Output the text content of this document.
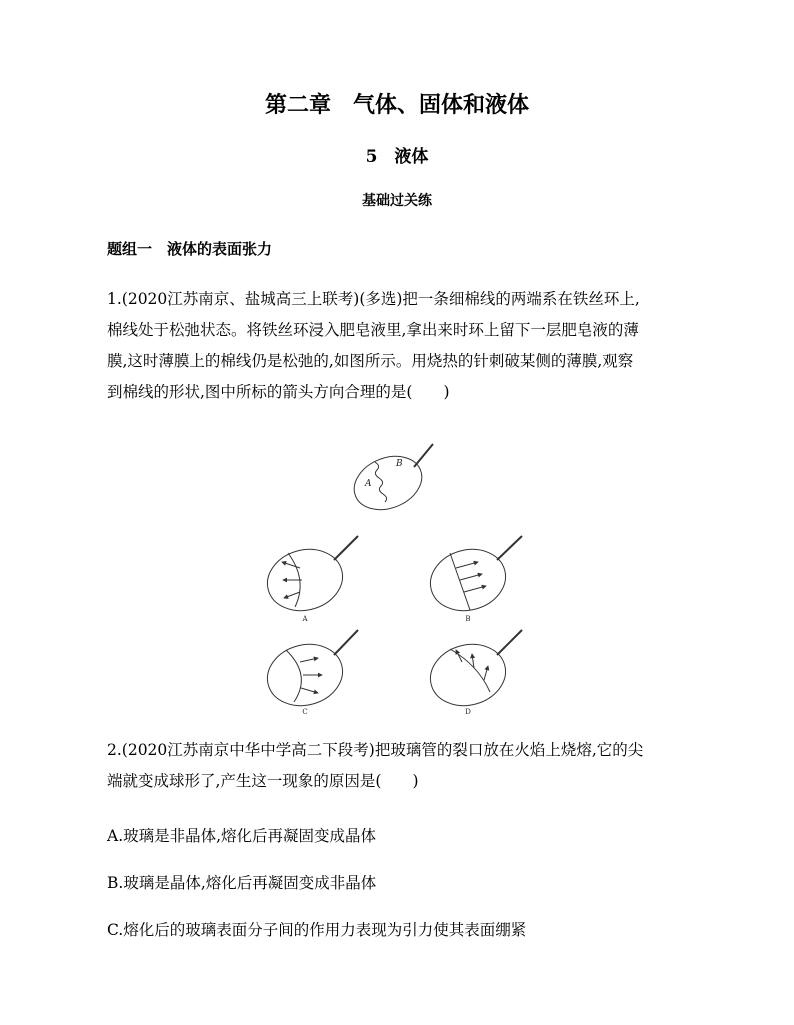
第二章　气体、固体和液体
5　液体
基础过关练
题组一　液体的表面张力
1.(2020江苏南京、盐城高三上联考)(多选)把一条细棉线的两端系在铁丝环上,
棉线处于松弛状态。将铁丝环浸入肥皂液里,拿出来时环上留下一层肥皂液的薄
膜,这时薄膜上的棉线仍是松弛的,如图所示。用烧热的针刺破某侧的薄膜,观察
到棉线的形状,图中所标的箭头方向合理的是(　　)
A
B
A	B
C	D
2.(2020江苏南京中华中学高二下段考)把玻璃管的裂口放在火焰上烧熔,它的尖
端就变成球形了,产生这一现象的原因是(　　)
A.玻璃是非晶体,熔化后再凝固变成晶体
B.玻璃是晶体,熔化后再凝固变成非晶体
C.熔化后的玻璃表面分子间的作用力表现为引力使其表面绷紧
